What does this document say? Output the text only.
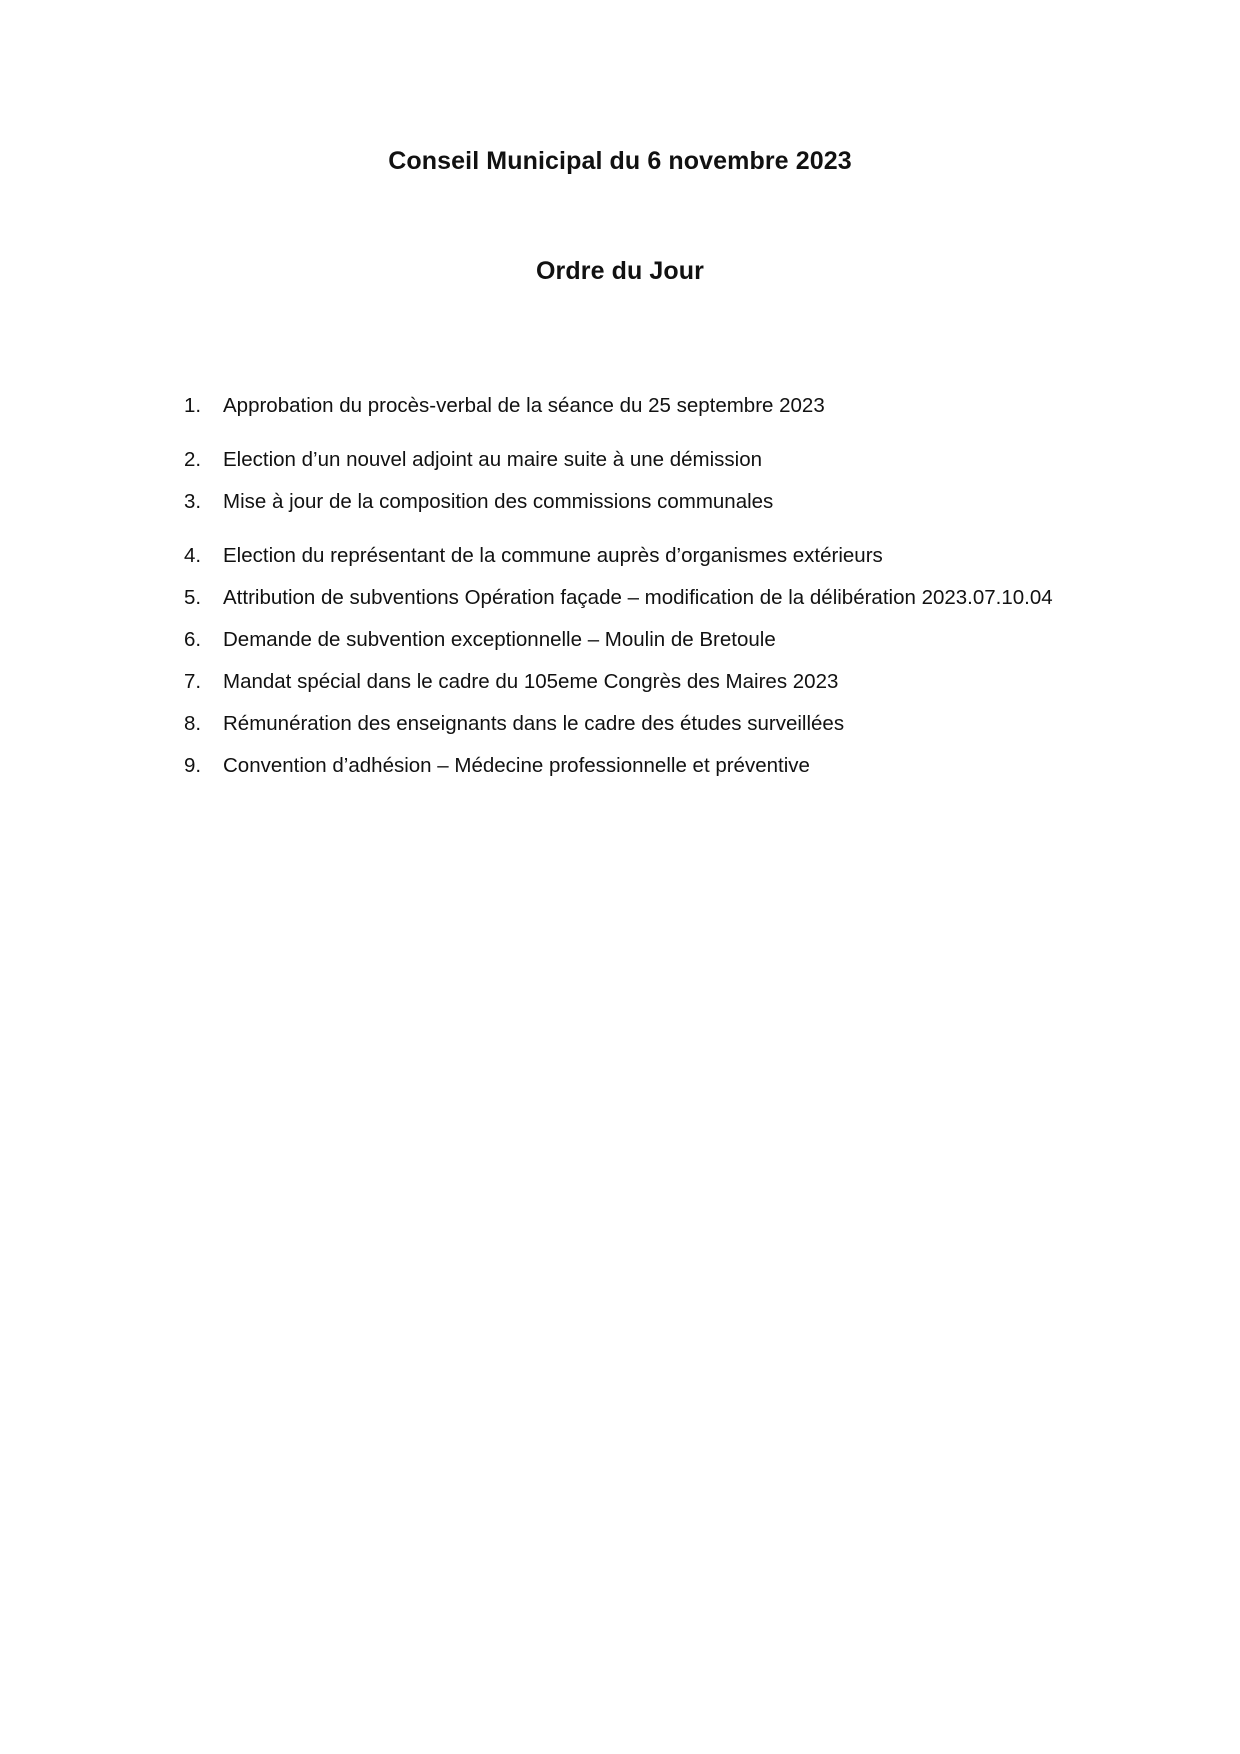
Conseil Municipal du 6 novembre 2023
Ordre du Jour
1. Approbation du procès-verbal de la séance du 25 septembre 2023
2. Election d’un nouvel adjoint au maire suite à une démission
3. Mise à jour de la composition des commissions communales
4. Election du représentant de la commune auprès d’organismes extérieurs
5. Attribution de subventions Opération façade – modification de la délibération 2023.07.10.04
6. Demande de subvention exceptionnelle – Moulin de Bretoule
7. Mandat spécial dans le cadre du 105eme Congrès des Maires 2023
8. Rémunération des enseignants dans le cadre des études surveillées
9. Convention d’adhésion – Médecine professionnelle et préventive
